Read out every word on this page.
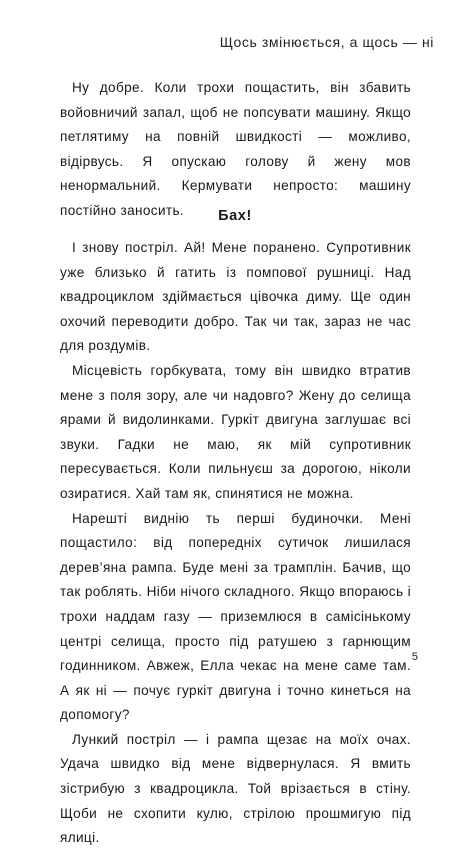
Щось змінюється, а щось — ні

Ну добре. Коли трохи пощастить, він збавить войовничий запал, щоб не попсувати машину. Якщо петлятиму на повній швидкості — можливо, відірвусь. Я опускаю голову й жену мов ненормальний. Кермувати непросто: машину постійно заносить.	Бах!

І знову постріл. Ай! Мене поранено. Супротивник уже близько й гатить із помпової рушниці. Над квадроциклом здіймається цівочка диму. Ще один охочий переводити добро. Так чи так, зараз не час для роздумів.

Місцевість горбкувата, тому він швидко втратив мене з поля зору, але чи надовго? Жену до селища ярами й видолинками. Гуркіт двигуна заглушає всі звуки. Гадки не маю, як мій супротивник пересувається. Коли пильнуєш за дорогою, ніколи озиратися. Хай там як, спинятися не можна.

Нарешті виднію ть перші будиночки. Мені пощастило: від попередніх сутичок лишилася дерев’яна рампа. Буде мені за трамплін. Бачив, що так роблять. Ніби нічого складного. Якщо впораюсь і трохи наддам газу — приземлюся в самісінькому центрі селища, просто під ратушею з гарнющим годинником. Авжеж, Елла чекає на мене саме там. А як ні — почує гуркіт двигуна і точно кинеться на допомогу?

Лункий постріл — і рампа щезає на моїх очах. Удача швидко від мене відвернулася. Я вмить зістрибую з квадроцикла. Той врізається в стіну. Щоби не схопити кулю, стрілою прошмигую під ялиці.

5
